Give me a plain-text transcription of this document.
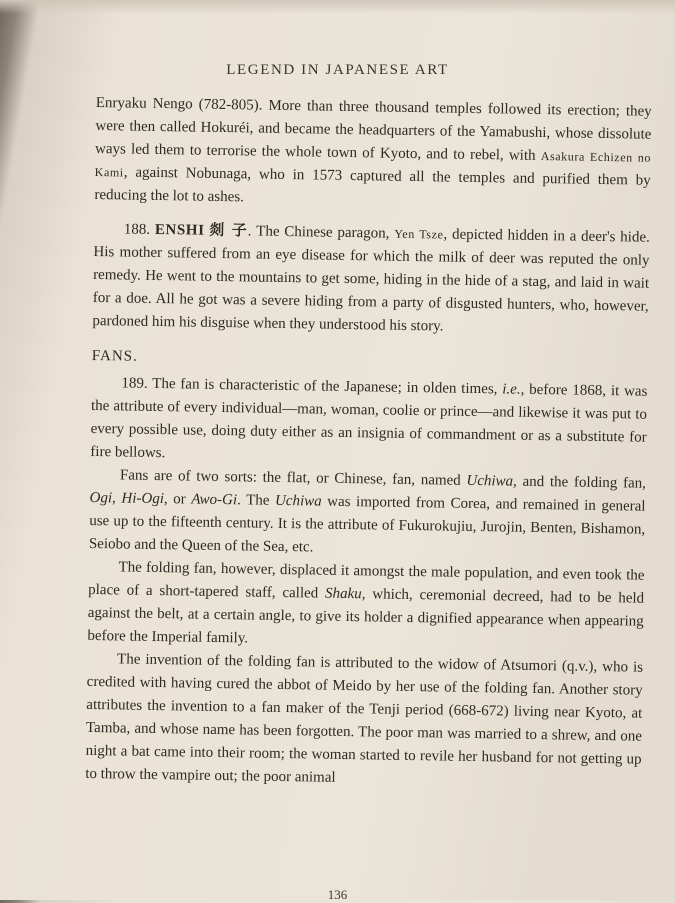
LEGEND IN JAPANESE ART

Enryaku Nengo (782-805). More than three thousand temples followed its erection; they were then called Hokuréi, and became the headquarters of the Yamabushi, whose dissolute ways led them to terrorise the whole town of Kyoto, and to rebel, with Asakura Echizen no Kami, against Nobunaga, who in 1573 captured all the temples and purified them by reducing the lot to ashes.

188. ENSHI 剡 子. The Chinese paragon, Yen Tsze, depicted hidden in a deer's hide. His mother suffered from an eye disease for which the milk of deer was reputed the only remedy. He went to the mountains to get some, hiding in the hide of a stag, and laid in wait for a doe. All he got was a severe hiding from a party of disgusted hunters, who, however, pardoned him his disguise when they understood his story.

FANS.

189. The fan is characteristic of the Japanese; in olden times, i.e., before 1868, it was the attribute of every individual—man, woman, coolie or prince—and likewise it was put to every possible use, doing duty either as an insignia of commandment or as a substitute for fire bellows.

Fans are of two sorts: the flat, or Chinese, fan, named Uchiwa, and the folding fan, Ogi, Hi-Ogi, or Awo-Gi. The Uchiwa was imported from Corea, and remained in general use up to the fifteenth century. It is the attribute of Fukurokujiu, Jurojin, Benten, Bishamon, Seiobo and the Queen of the Sea, etc.

The folding fan, however, displaced it amongst the male population, and even took the place of a short-tapered staff, called Shaku, which, ceremonial decreed, had to be held against the belt, at a certain angle, to give its holder a dignified appearance when appearing before the Imperial family.

The invention of the folding fan is attributed to the widow of Atsumori (q.v.), who is credited with having cured the abbot of Meido by her use of the folding fan. Another story attributes the invention to a fan maker of the Tenji period (668-672) living near Kyoto, at Tamba, and whose name has been forgotten. The poor man was married to a shrew, and one night a bat came into their room; the woman started to revile her husband for not getting up to throw the vampire out; the poor animal

136
